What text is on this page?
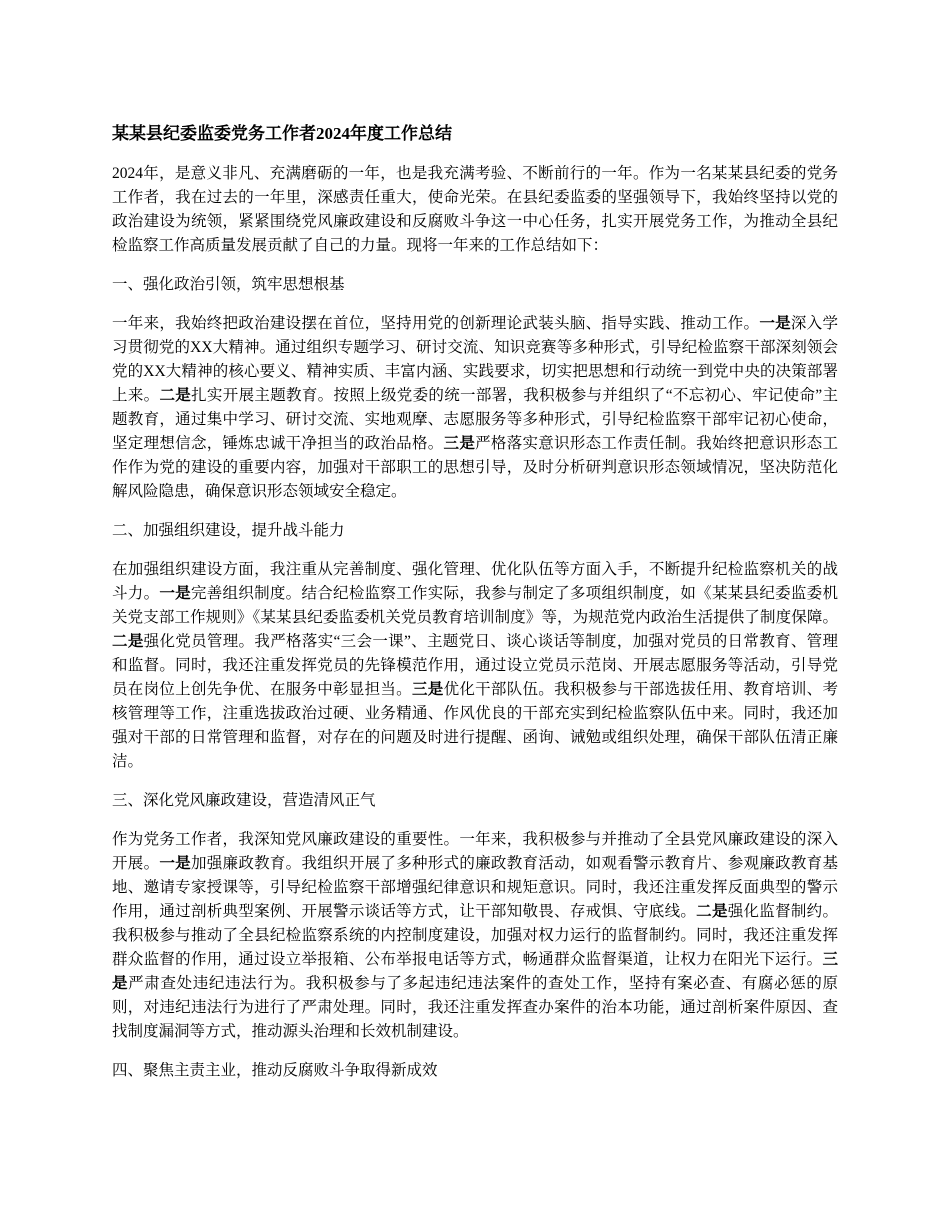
某某县纪委监委党务工作者2024年度工作总结

2024年，是意义非凡、充满磨砺的一年，也是我充满考验、不断前行的一年。作为一名某某县纪委的党务工作者，我在过去的一年里，深感责任重大，使命光荣。在县纪委监委的坚强领导下，我始终坚持以党的政治建设为统领，紧紧围绕党风廉政建设和反腐败斗争这一中心任务，扎实开展党务工作，为推动全县纪检监察工作高质量发展贡献了自己的力量。现将一年来的工作总结如下：

一、强化政治引领，筑牢思想根基

一年来，我始终把政治建设摆在首位，坚持用党的创新理论武装头脑、指导实践、推动工作。一是深入学习贯彻党的XX大精神。通过组织专题学习、研讨交流、知识竞赛等多种形式，引导纪检监察干部深刻领会党的XX大精神的核心要义、精神实质、丰富内涵、实践要求，切实把思想和行动统一到党中央的决策部署上来。二是扎实开展主题教育。按照上级党委的统一部署，我积极参与并组织了“不忘初心、牢记使命”主题教育，通过集中学习、研讨交流、实地观摩、志愿服务等多种形式，引导纪检监察干部牢记初心使命，坚定理想信念，锤炼忠诚干净担当的政治品格。三是严格落实意识形态工作责任制。我始终把意识形态工作作为党的建设的重要内容，加强对干部职工的思想引导，及时分析研判意识形态领域情况，坚决防范化解风险隐患，确保意识形态领域安全稳定。

二、加强组织建设，提升战斗能力

在加强组织建设方面，我注重从完善制度、强化管理、优化队伍等方面入手，不断提升纪检监察机关的战斗力。一是完善组织制度。结合纪检监察工作实际，我参与制定了多项组织制度，如《某某县纪委监委机关党支部工作规则》《某某县纪委监委机关党员教育培训制度》等，为规范党内政治生活提供了制度保障。二是强化党员管理。我严格落实“三会一课”、主题党日、谈心谈话等制度，加强对党员的日常教育、管理和监督。同时，我还注重发挥党员的先锋模范作用，通过设立党员示范岗、开展志愿服务等活动，引导党员在岗位上创先争优、在服务中彰显担当。三是优化干部队伍。我积极参与干部选拔任用、教育培训、考核管理等工作，注重选拔政治过硬、业务精通、作风优良的干部充实到纪检监察队伍中来。同时，我还加强对干部的日常管理和监督，对存在的问题及时进行提醒、函询、诫勉或组织处理，确保干部队伍清正廉洁。

三、深化党风廉政建设，营造清风正气

作为党务工作者，我深知党风廉政建设的重要性。一年来，我积极参与并推动了全县党风廉政建设的深入开展。一是加强廉政教育。我组织开展了多种形式的廉政教育活动，如观看警示教育片、参观廉政教育基地、邀请专家授课等，引导纪检监察干部增强纪律意识和规矩意识。同时，我还注重发挥反面典型的警示作用，通过剖析典型案例、开展警示谈话等方式，让干部知敬畏、存戒惧、守底线。二是强化监督制约。我积极参与推动了全县纪检监察系统的内控制度建设，加强对权力运行的监督制约。同时，我还注重发挥群众监督的作用，通过设立举报箱、公布举报电话等方式，畅通群众监督渠道，让权力在阳光下运行。三是严肃查处违纪违法行为。我积极参与了多起违纪违法案件的查处工作，坚持有案必查、有腐必惩的原则，对违纪违法行为进行了严肃处理。同时，我还注重发挥查办案件的治本功能，通过剖析案件原因、查找制度漏洞等方式，推动源头治理和长效机制建设。

四、聚焦主责主业，推动反腐败斗争取得新成效
